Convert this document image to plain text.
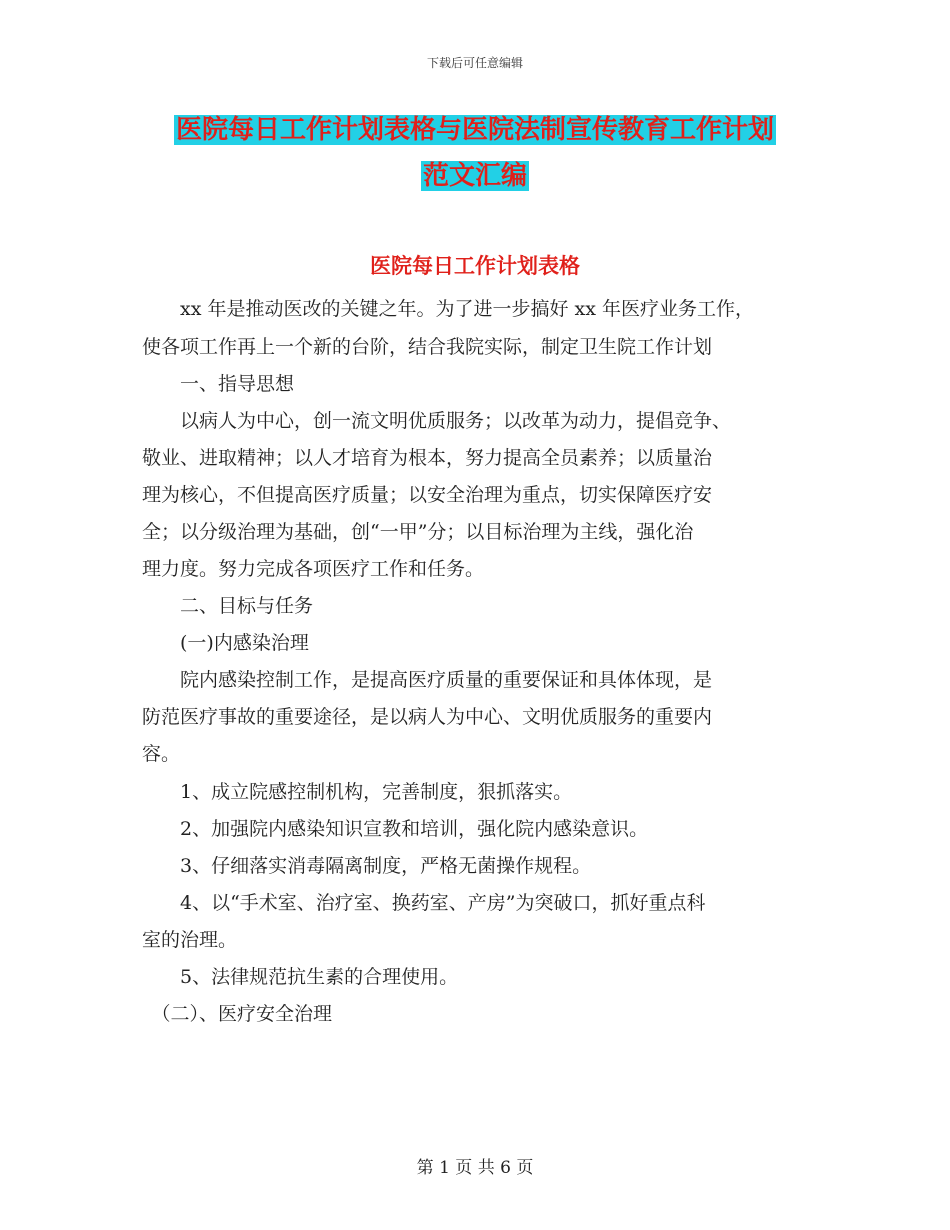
下载后可任意编辑
医院每日工作计划表格与医院法制宣传教育工作计划
范文汇编
医院每日工作计划表格
　　xx 年是推动医改的关键之年。为了进一步搞好 xx 年医疗业务工作，
使各项工作再上一个新的台阶，结合我院实际，制定卫生院工作计划
　　一、指导思想
　　以病人为中心，创一流文明优质服务；以改革为动力，提倡竞争、
敬业、进取精神；以人才培育为根本，努力提高全员素养；以质量治
理为核心，不但提高医疗质量；以安全治理为重点，切实保障医疗安
全；以分级治理为基础，创“一甲”分；以目标治理为主线，强化治
理力度。努力完成各项医疗工作和任务。
　　二、目标与任务
　　(一)内感染治理
　　院内感染控制工作，是提高医疗质量的重要保证和具体体现，是
防范医疗事故的重要途径，是以病人为中心、文明优质服务的重要内
容。
　　1、成立院感控制机构，完善制度，狠抓落实。
　　2、加强院内感染知识宣教和培训，强化院内感染意识。
　　3、仔细落实消毒隔离制度，严格无菌操作规程。
　　4、以“手术室、治疗室、换药室、产房”为突破口，抓好重点科
室的治理。
　　5、法律规范抗生素的合理使用。
　（二）、医疗安全治理
第 1 页 共 6 页
